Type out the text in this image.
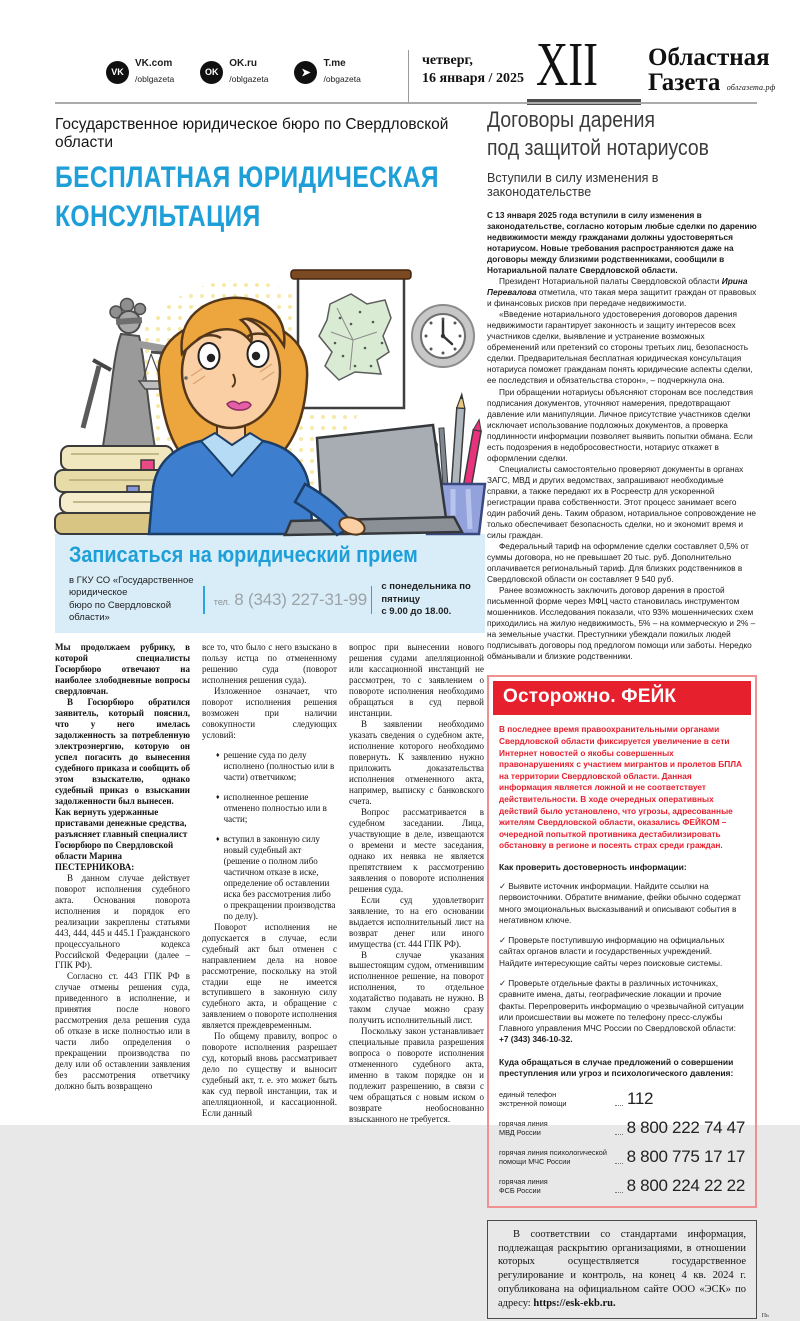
VK
VK.com
/oblgazeta
OK
OK.ru
/oblgazeta
➤
T.me
/obgazeta
четверг,
16 января / 2025 XII Областная
Газета облгазета.рф
Государственное юридическое бюро по Свердловской области
БЕСПЛАТНАЯ ЮРИДИЧЕСКАЯ
КОНСУЛЬТАЦИЯ
Записаться на юридический прием
в ГКУ СО «Государственное юридическое
бюро по Свердловской области»
тел. 8 (343) 227-31-99
с понедельника по пятницу
с 9.00 до 18.00.

Мы продолжаем рубрику, в которой специалисты Госюрбюро отвечают на наиболее злободневные вопросы свердловчан.

В Госюрбюро обратился заявитель, который пояснил, что у него имелась задолженность за потребленную электроэнергию, которую он успел погасить до вынесения судебного приказа и сообщить об этом взыскателю, однако судебный приказ о взыскании задолженности был вынесен.

Как вернуть удержанные приставами денежные средства, разъясняет главный специалист Госюрбюро по Свердловской области Марина ПЕСТЕРНИКОВА:

В данном случае действует поворот исполнения судебного акта. Основания поворота исполнения и порядок его реализации закреплены статьями 443, 444, 445 и 445.1 Гражданского процессуального кодекса Российской Федерации (далее – ГПК РФ).

Согласно ст. 443 ГПК РФ в случае отмены решения суда, приведенного в исполнение, и принятия после нового рассмотрения дела решения суда об отказе в иске полностью или в части либо определения о прекращении производства по делу или об оставлении заявления без рассмотрения ответчику должно быть возвращено

все то, что было с него взыскано в пользу истца по отмененному решению суда (поворот исполнения решения суда).

Изложенное означает, что поворот исполнения решения возможен при наличии совокупности следующих условий:

♦ решение суда по делу исполнено (полностью или в части) ответчиком;
♦ исполненное решение отменено полностью или в части;
♦ вступил в законную силу новый судебный акт (решение о полном либо частичном отказе в иске, определение об оставлении иска без рассмотрения либо о прекращении производства по делу).

Поворот исполнения не допускается в случае, если судебный акт был отменен с направлением дела на новое рассмотрение, поскольку на этой стадии еще не имеется вступившего в законную силу судебного акта, и обращение с заявлением о повороте исполнения является преждевременным.

По общему правилу, вопрос о повороте исполнения разрешает суд, который вновь рассматривает дело по существу и выносит судебный акт, т. е. это может быть как суд первой инстанции, так и апелляционной, и кассационной. Если данный

вопрос при вынесении нового решения судами апелляционной или кассационной инстанций не рассмотрен, то с заявлением о повороте исполнения необходимо обращаться в суд первой инстанции.

В заявлении необходимо указать сведения о судебном акте, исполнение которого необходимо повернуть. К заявлению нужно приложить доказательства исполнения отмененного акта, например, выписку с банковского счета.

Вопрос рассматривается в судебном заседании. Лица, участвующие в деле, извещаются о времени и месте заседания, однако их неявка не является препятствием к рассмотрению заявления о повороте исполнения решения суда.

Если суд удовлетворит заявление, то на его основании выдается исполнительный лист на возврат денег или иного имущества (ст. 444 ГПК РФ).

В случае указания вышестоящим судом, отменившим исполненное решение, на поворот исполнения, то отдельное ходатайство подавать не нужно. В таком случае можно сразу получить исполнительный лист.

Поскольку закон устанавливает специальные правила разрешения вопроса о повороте исполнения отмененного судебного акта, именно в таком порядке он и подлежит разрешению, в связи с чем обращаться с новым иском о возврате необоснованно взысканного не требуется.

Договоры дарения
под защитой нотариусов
Вступили в силу изменения в законодательстве

С 13 января 2025 года вступили в силу изменения в законодательстве, согласно которым любые сделки по дарению недвижимости между гражданами должны удостоверяться нотариусом. Новые требования распространяются даже на договоры между близкими родственниками, сообщили в Нотариальной палате Свердловской области.

Президент Нотариальной палаты Свердловской области Ирина Перевалова отметила, что такая мера защитит граждан от правовых и финансовых рисков при передаче недвижимости.

«Введение нотариального удостоверения договоров дарения недвижимости гарантирует законность и защиту интересов всех участников сделки, выявление и устранение возможных обременений или претензий со стороны третьих лиц, безопасность сделки. Предварительная бесплатная юридическая консультация нотариуса поможет гражданам понять юридические аспекты сделки, ее последствия и обязательства сторон», – подчеркнула она.

При обращении нотариусы объясняют сторонам все последствия подписания документов, уточняют намерения, предотвращают давление или манипуляции. Личное присутствие участников сделки исключает использование подложных документов, а проверка подлинности информации позволяет выявить попытки обмана. Если есть подозрения в недобросовестности, нотариус откажет в оформлении сделки.

Специалисты самостоятельно проверяют документы в органах ЗАГС, МВД и других ведомствах, запрашивают необходимые справки, а также передают их в Росреестр для ускоренной регистрации права собственности. Этот процесс занимает всего один рабочий день. Таким образом, нотариальное сопровождение не только обеспечивает безопасность сделки, но и экономит время и силы граждан.

Федеральный тариф на оформление сделки составляет 0,5% от суммы договора, но не превышает 20 тыс. руб. Дополнительно оплачивается региональный тариф. Для близких родственников в Свердловской области он составляет 9 540 руб.

Ранее возможность заключить договор дарения в простой письменной форме через МФЦ часто становилась инструментом мошенников. Исследования показали, что 93% мошеннических схем приходились на жилую недвижимость, 5% – на коммерческую и 2% – на земельные участки. Преступники убеждали пожилых людей подписывать договоры под предлогом помощи или заботы. Нередко обманывали и близкие родственники.

Осторожно. ФЕЙК
В последнее время правоохранительными органами Свердловской области фиксируется увеличение в сети Интернет новостей о якобы совершенных правонарушениях с участием мигрантов и пролетов БПЛА на территории Свердловской области. Данная информация является ложной и не соответствует действительности. В ходе очередных оперативных действий было установлено, что угрозы, адресованные жителям Свердловской области, оказались ФЕЙКОМ – очередной попыткой противника дестабилизировать обстановку в регионе и посеять страх среди граждан.
Как проверить достоверность информации:
✓ Выявите источник информации. Найдите ссылки на первоисточники. Обратите внимание, фейки обычно содержат много эмоциональных высказываний и описывают события в негативном ключе.
✓ Проверьте поступившую информацию на официальных сайтах органов власти и государственных учреждений. Найдите интересующие сайты через поисковые системы.
✓ Проверьте отдельные факты в различных источниках, сравните имена, даты, географические локации и прочие факты. Перепроверить информацию о чрезвычайной ситуации или происшествии вы можете по телефону пресс-службы Главного управления МЧС России по Свердловской области: +7 (343) 346-10-32.
Куда обращаться в случае предложений о совершении преступления или угроз и психологического давления:
единый телефон
экстренной помощи	112
горячая линия
МВД России	8 800 222 74 47
горячая линия психологической
помощи МЧС России	8 800 775 17 17
горячая линия
ФСБ России	8 800 224 22 22
В соответствии со стандартами информация, подлежащая раскрытию организациями, в отношении которых осуществляется государственное регулирование и контроль, на конец 4 кв. 2024 г. опубликована на официальном сайте ООО «ЭСК» по адресу: https://esk-ekb.ru.
Пь
